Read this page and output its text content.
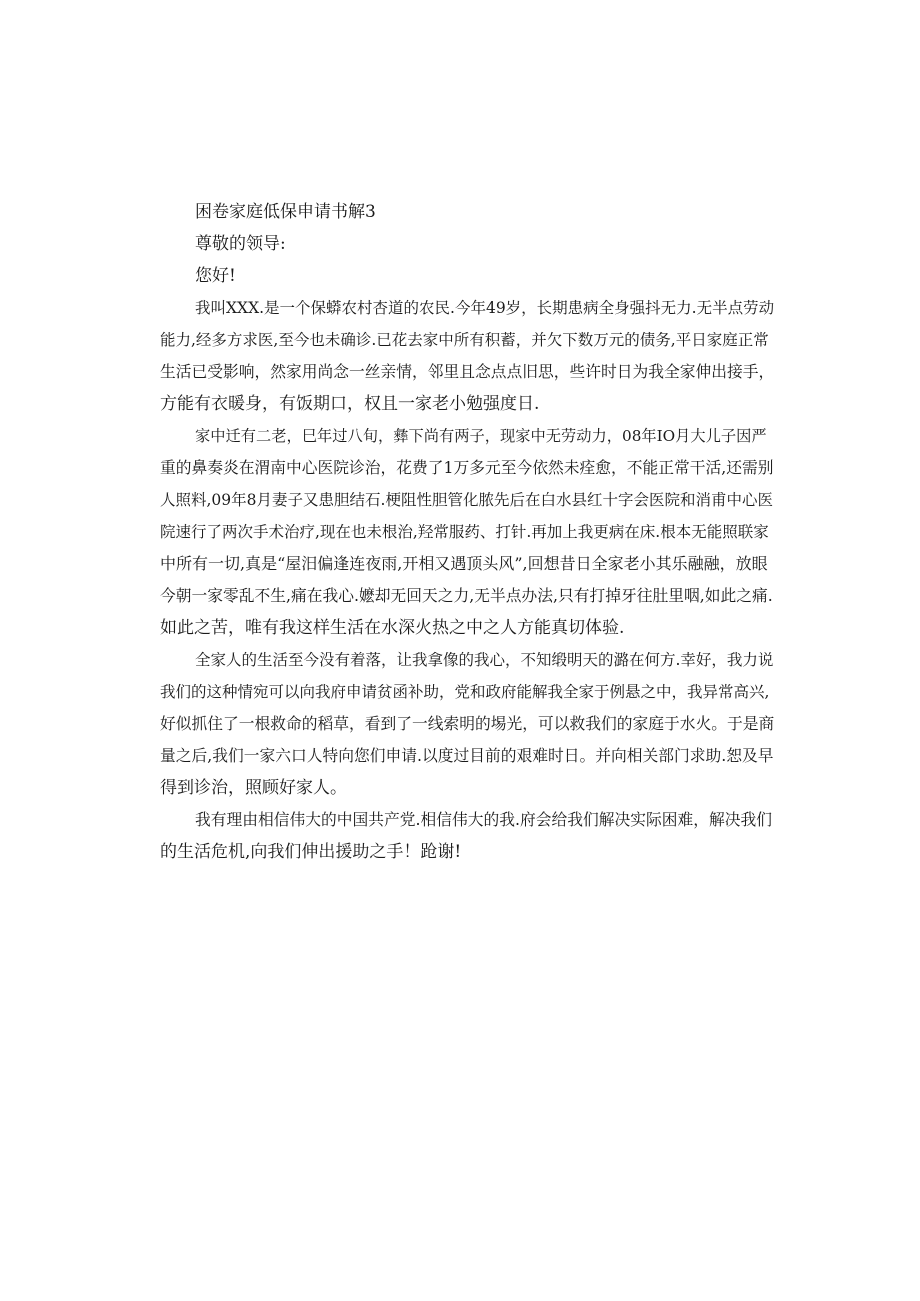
困卷家庭低保申请书解3

尊敬的领导:

您好!

我叫XXX.是一个保蟒农村杏道的农民.今年49岁，长期患病全身强抖无力.无半点劳动

能力,经多方求医,至今也未确诊.已花去家中所有积蓄，并欠下数万元的债务,平日家庭正常

生活已受影响，然家用尚念一丝亲情，邻里且念点点旧思，些许时日为我全家伸出接手，

方能有衣暖身，有饭期口，权且一家老小勉强度日.

家中迁有二老，巳年过八旬，彝下尚有两子，现家中无劳动力，08年IO月大儿子因严

重的鼻奏炎在渭南中心医院诊治，花费了1万多元至今依然未痊愈，不能正常干活,还需别

人照料,09年8月妻子又患胆结石.梗阻性胆管化脓先后在白水县红十字会医院和消甫中心医

院速行了两次手术治疗,现在也未根治,羟常服药、打针.再加上我更病在床.根本无能照联家

中所有一切,真是“屋汨偏逢连夜雨,开相又遇顶头风”,回想昔日全家老小其乐融融，放眼

今朝一家零乱不生,痛在我心.嬷却无回天之力,无半点办法,只有打掉牙往肚里咽,如此之痛.

如此之苦，唯有我这样生活在水深火热之中之人方能真切体验.

全家人的生活至今没有着落，让我拿像的我心，不知缎明天的潞在何方.幸好，我力说

我们的这种情宛可以向我府申请贫函补助，党和政府能解我全家于例悬之中，我异常高兴,

好似抓住了一根救命的稻草，看到了一线索明的埸光，可以救我们的家庭于水火。于是商

量之后,我们一家六口人特向您们申请.以度过目前的艰难时日。并向相关部门求助.恕及早

得到诊治，照顾好家人。

我有理由相信伟大的中国共产党.相信伟大的我.府会给我们解决实际困难，解决我们

的生活危机,向我们伸出援助之手！跄谢!
